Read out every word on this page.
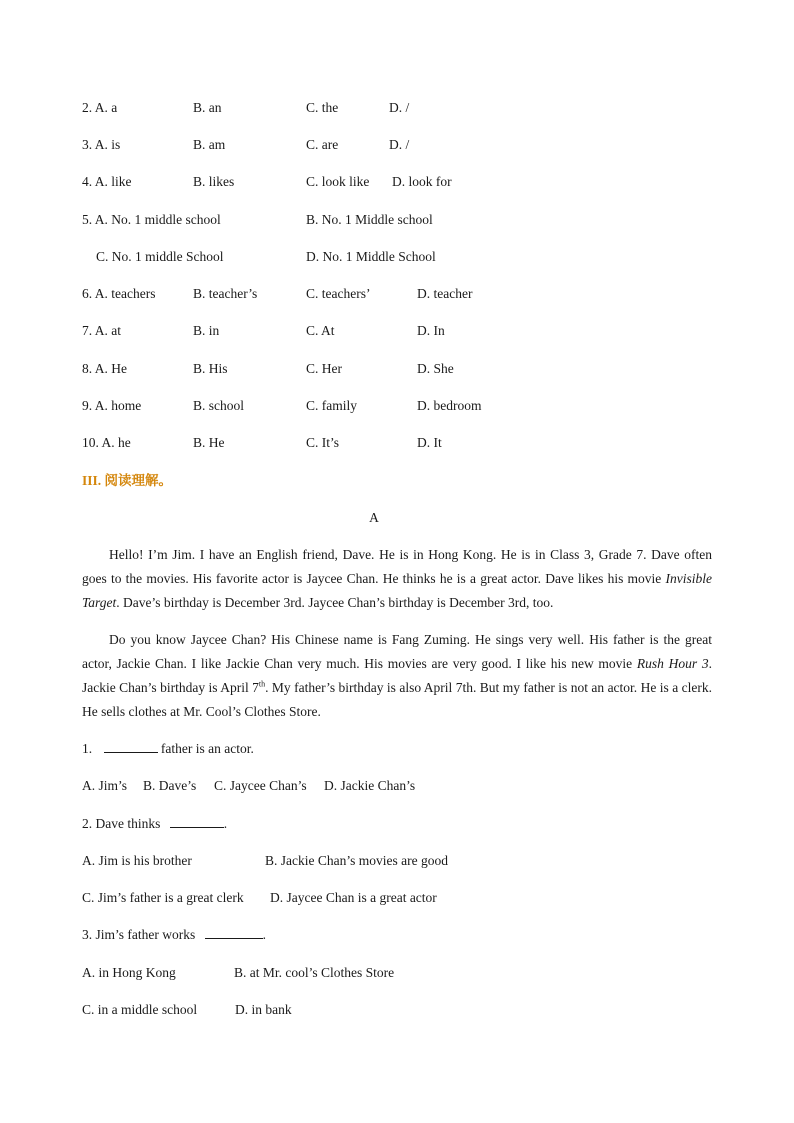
2. A. a	B. an	C. the	D. /
3. A. is	B. am	C. are	D. /
4. A. like	B. likes	C. look like D. look for
5. A. No. 1 middle school	B. No. 1 Middle school
C. No. 1 middle School	D. No. 1 Middle School
6. A. teachers	B. teacher’s	C. teachers’	D. teacher
7. A. at	B. in	C. At	D. In
8. A. He	B. His	C. Her	D. She
9. A. home	B. school	C. family	D. bedroom
10. A. he	B. He	C. It’s	D. It
III. 阅读理解。
A
Hello! I’m Jim. I have an English friend, Dave. He is in Hong Kong. He is in Class 3, Grade 7. Dave often goes to the movies. His favorite actor is Jaycee Chan. He thinks he is a great actor. Dave likes his movie Invisible Target. Dave’s birthday is December 3rd. Jaycee Chan’s birthday is December 3rd, too.
Do you know Jaycee Chan? His Chinese name is Fang Zuming. He sings very well. His father is the great actor, Jackie Chan. I like Jackie Chan very much. His movies are very good. I like his new movie Rush Hour 3. Jackie Chan’s birthday is April 7th. My father’s birthday is also April 7th. But my father is not an actor. He is a clerk. He sells clothes at Mr. Cool’s Clothes Store.
1.	father is an actor.
A. Jim’s B. Dave’s C. Jaycee Chan’s D. Jackie Chan’s
2. Dave thinks	.
A. Jim is his brother	B. Jackie Chan’s movies are good
C. Jim’s father is a great clerk D. Jaycee Chan is a great actor
3. Jim’s father works	.
A. in Hong Kong	B. at Mr. cool’s Clothes Store
C. in a middle school	D. in bank
